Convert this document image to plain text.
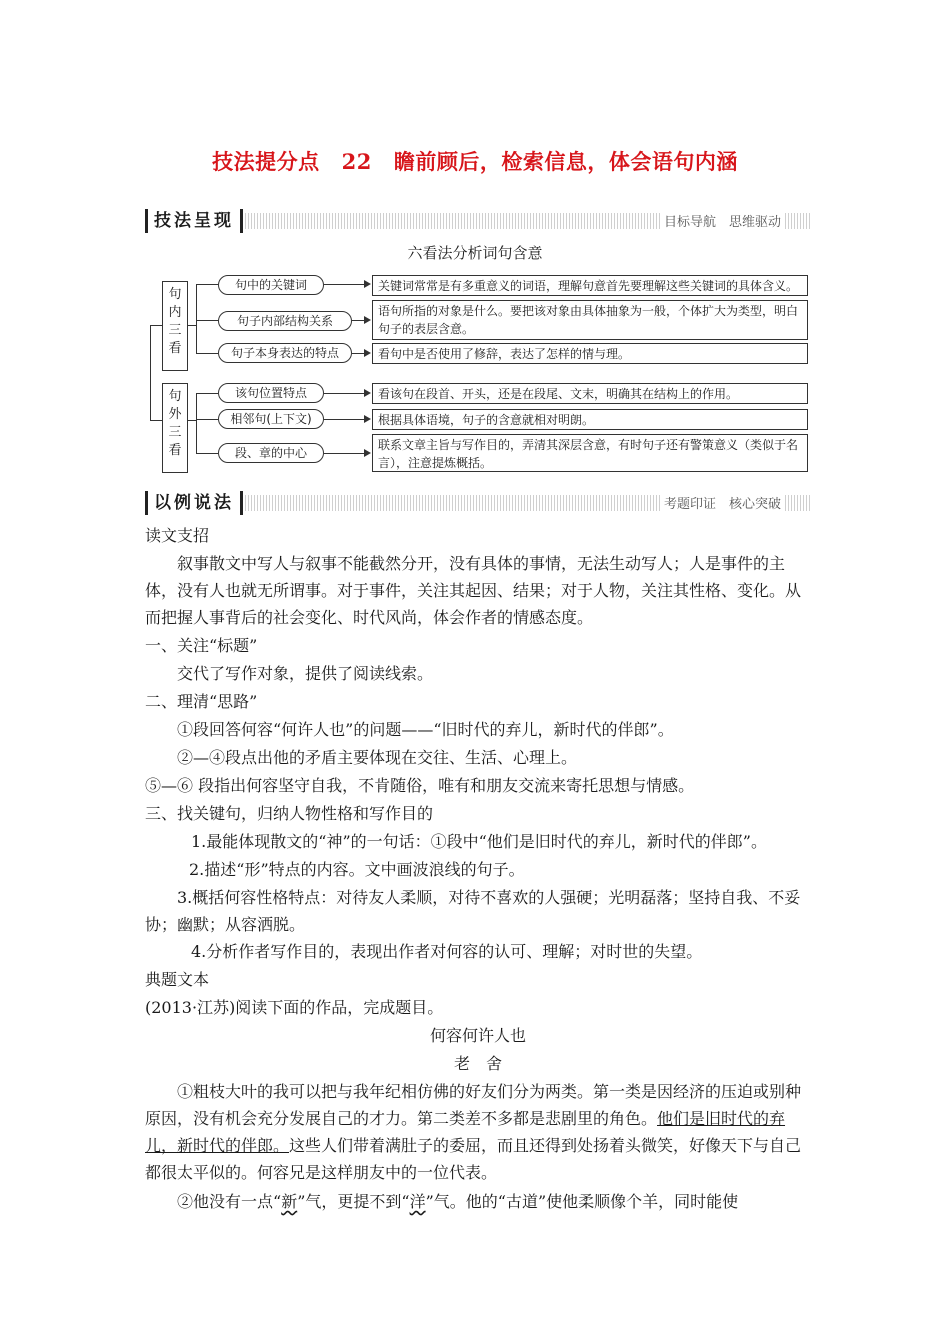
技法提分点 22 瞻前顾后，检索信息，体会语句内涵
技法呈现	目标导航　思维驱动
六看法分析词句含意
句内三看
句中的关键词
句子内部结构关系
句子本身表达的特点
关键词常常是有多重意义的词语，理解句意首先要理解这些关键词的具体含义。
语句所指的对象是什么。要把该对象由具体抽象为一般，个体扩大为类型，明白句子的表层含意。
看句中是否使用了修辞，表达了怎样的情与理。
句外三看
该句位置特点
相邻句(上下文)
段、章的中心
看该句在段首、开头，还是在段尾、文末，明确其在结构上的作用。
根据具体语境，句子的含意就相对明朗。
联系文章主旨与写作目的，弄清其深层含意，有时句子还有警策意义（类似于名言），注意提炼概括。
以例说法	考题印证　核心突破
读文支招
叙事散文中写人与叙事不能截然分开，没有具体的事情，无法生动写人；人是事件的主体，没有人也就无所谓事。对于事件，关注其起因、结果；对于人物，关注其性格、变化。从而把握人事背后的社会变化、时代风尚，体会作者的情感态度。
一、关注“标题”
交代了写作对象，提供了阅读线索。
二、理清“思路”
①段回答何容“何许人也”的问题——“旧时代的弃儿，新时代的伴郎”。
②—④段点出他的矛盾主要体现在交往、生活、心理上。
⑤—⑥ 段指出何容坚守自我，不肯随俗，唯有和朋友交流来寄托思想与情感。
三、找关键句，归纳人物性格和写作目的
1.最能体现散文的“神”的一句话：①段中“他们是旧时代的弃儿，新时代的伴郎”。
2.描述“形”特点的内容。文中画波浪线的句子。
3.概括何容性格特点：对待友人柔顺，对待不喜欢的人强硬；光明磊落；坚持自我、不妥协；幽默；从容洒脱。
4.分析作者写作目的，表现出作者对何容的认可、理解；对时世的失望。
典题文本
(2013·江苏)阅读下面的作品，完成题目。
何容何许人也
老　舍
①粗枝大叶的我可以把与我年纪相仿佛的好友们分为两类。第一类是因经济的压迫或别种原因，没有机会充分发展自己的才力。第二类差不多都是悲剧里的角色。他们是旧时代的弃儿，新时代的伴郎。这些人们带着满肚子的委屈，而且还得到处扬着头微笑，好像天下与自己都很太平似的。何容兄是这样朋友中的一位代表。
②他没有一点“新”气，更提不到“洋”气。他的“古道”使他柔顺像个羊，同时能使
